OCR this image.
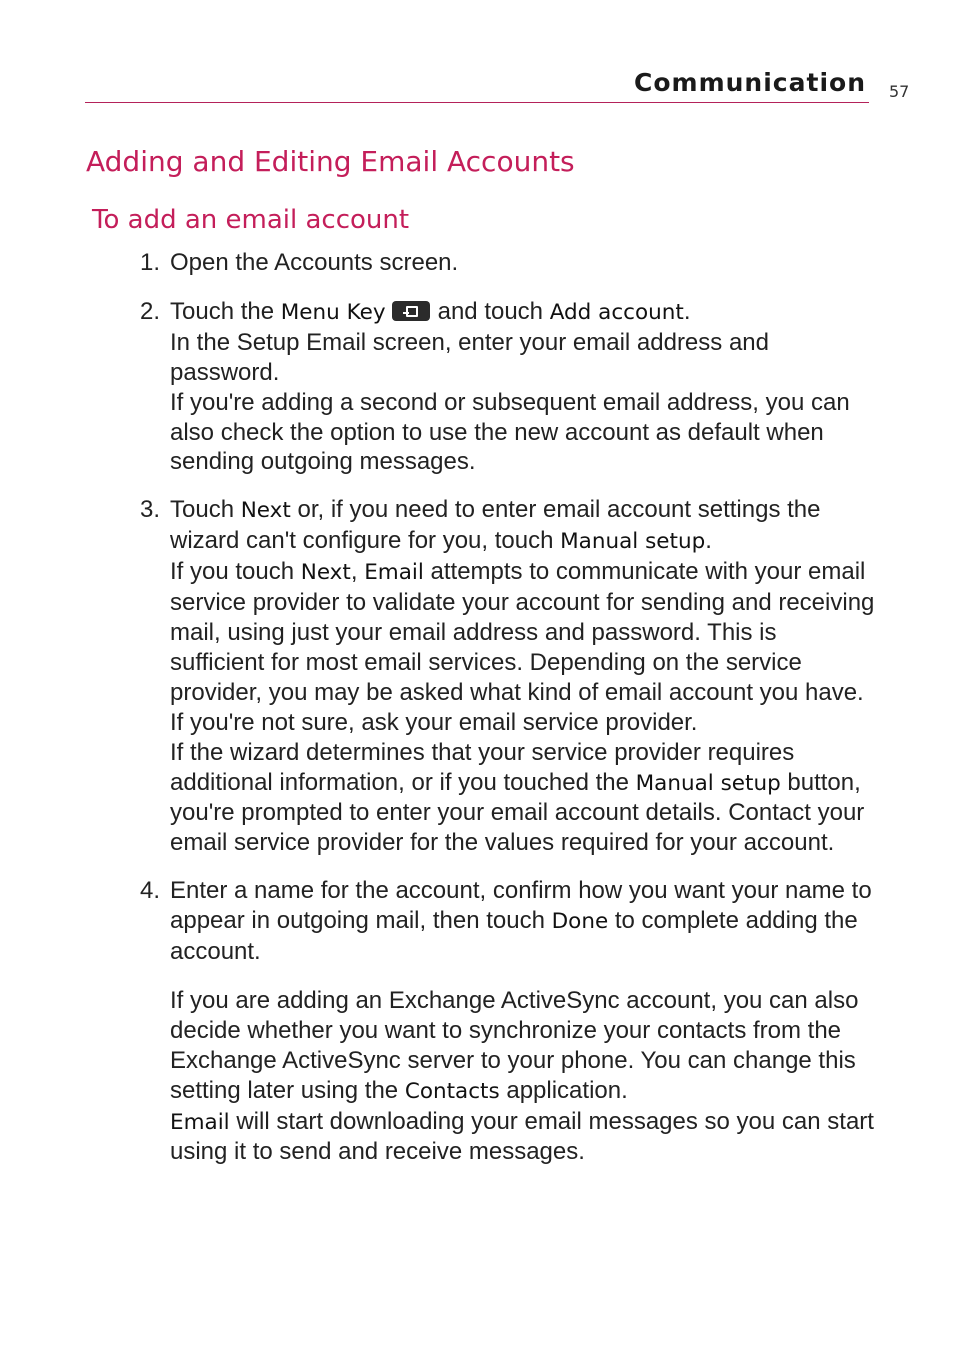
Communication 57
Adding and Editing Email Accounts
To add an email account
1. Open the Accounts screen.
2. Touch the Menu Key and touch Add account.
In the Setup Email screen, enter your email address and password.
If you're adding a second or subsequent email address, you can also check the option to use the new account as default when sending outgoing messages.
3. Touch Next or, if you need to enter email account settings the wizard can't configure for you, touch Manual setup.
If you touch Next, Email attempts to communicate with your email service provider to validate your account for sending and receiving mail, using just your email address and password. This is sufficient for most email services. Depending on the service provider, you may be asked what kind of email account you have. If you're not sure, ask your email service provider.
If the wizard determines that your service provider requires additional information, or if you touched the Manual setup button, you're prompted to enter your email account details. Contact your email service provider for the values required for your account.
4. Enter a name for the account, confirm how you want your name to appear in outgoing mail, then touch Done to complete adding the account.
If you are adding an Exchange ActiveSync account, you can also decide whether you want to synchronize your contacts from the Exchange ActiveSync server to your phone. You can change this setting later using the Contacts application.
Email will start downloading your email messages so you can start using it to send and receive messages.
